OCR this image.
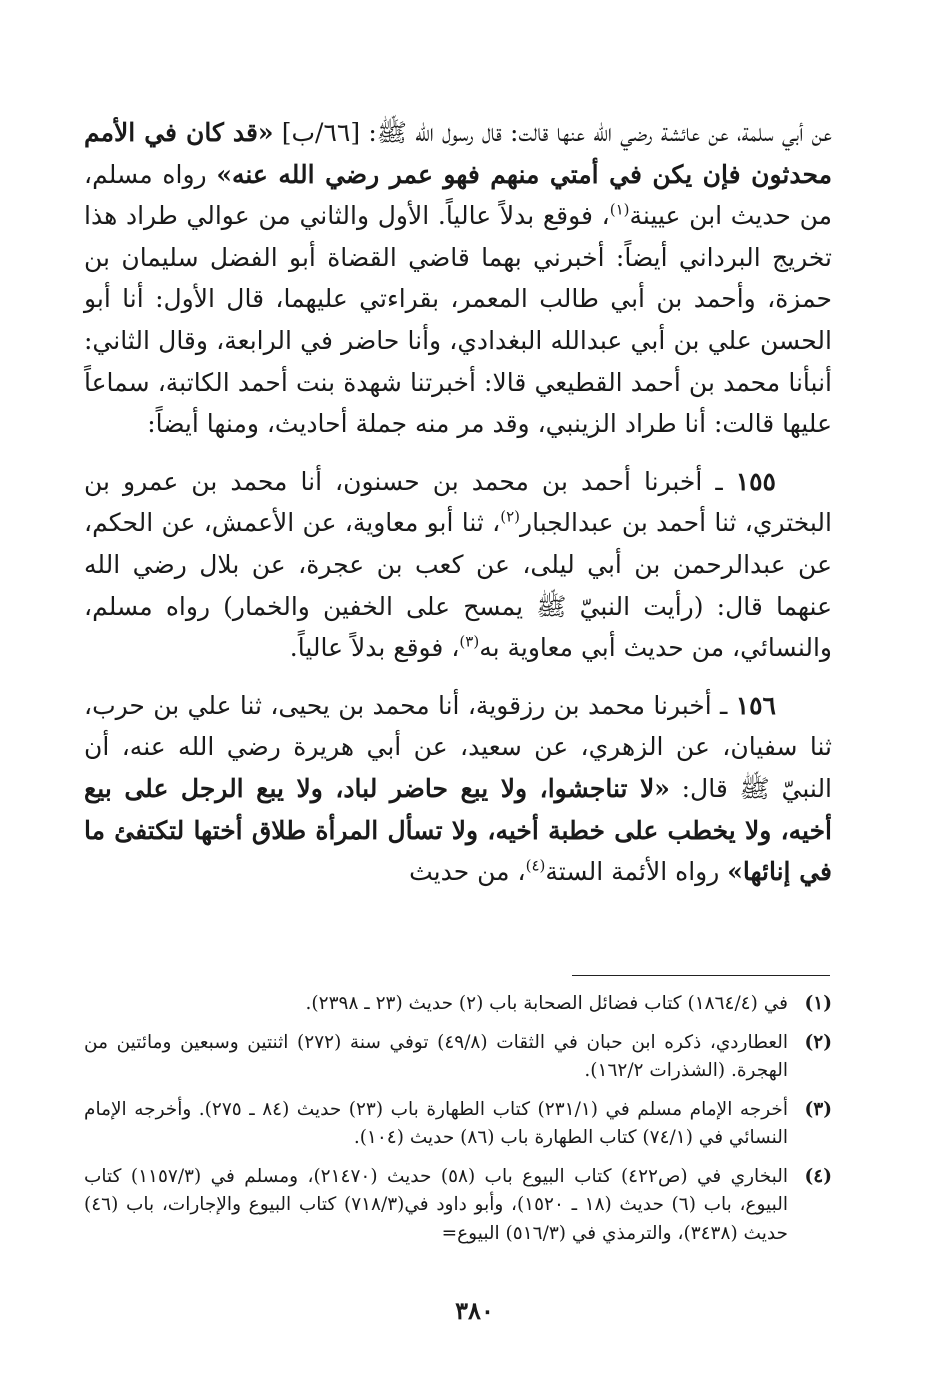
عن أبي سلمة، عن عائشة رضي الله عنها قالت: قال رسول الله ﷺ: [٦٦/ب] «قد كان في الأمم محدثون فإن يكن في أمتي منهم فهو عمر رضي الله عنه» رواه مسلم، من حديث ابن عيينة$^{(١)}$، فوقع بدلاً عالياً. الأول والثاني من عوالي طراد هذا تخريج البرداني أيضاً: أخبرني بهما قاضي القضاة أبو الفضل سليمان بن حمزة، وأحمد بن أبي طالب المعمر، بقراءتي عليهما، قال الأول: أنا أبو الحسن علي بن أبي عبدالله البغدادي، وأنا حاضر في الرابعة، وقال الثاني: أنبأنا محمد بن أحمد القطيعي قالا: أخبرتنا شهدة بنت أحمد الكاتبة، سماعاً عليها قالت: أنا طراد الزينبي، وقد مر منه جملة أحاديث، ومنها أيضاً:

١٥٥ ـ أخبرنا أحمد بن محمد بن حسنون، أنا محمد بن عمرو بن البختري، ثنا أحمد بن عبدالجبار$^{(٢)}$، ثنا أبو معاوية، عن الأعمش، عن الحكم، عن عبدالرحمن بن أبي ليلى، عن كعب بن عجرة، عن بلال رضي الله عنهما قال: (رأيت النبيّ ﷺ يمسح على الخفين والخمار) رواه مسلم، والنسائي، من حديث أبي معاوية به$^{(٣)}$، فوقع بدلاً عالياً.

١٥٦ ـ أخبرنا محمد بن رزقوية، أنا محمد بن يحيى، ثنا علي بن حرب، ثنا سفيان، عن الزهري، عن سعيد، عن أبي هريرة رضي الله عنه، أن النبيّ ﷺ قال: «لا تناجشوا، ولا يبع حاضر لباد، ولا يبع الرجل على بيع أخيه، ولا يخطب على خطبة أخيه، ولا تسأل المرأة طلاق أختها لتكتفئ ما في إنائها» رواه الأئمة الستة$^{(٤)}$، من حديث

(١)
في (١٨٦٤/٤) كتاب فضائل الصحابة باب (٢) حديث (٢٣ ـ ٢٣٩٨).
(٢)
العطاردي، ذكره ابن حبان في الثقات (٤٩/٨) توفي سنة (٢٧٢) اثنتين وسبعين ومائتين من الهجرة. (الشذرات ١٦٢/٢).
(٣)
أخرجه الإمام مسلم في (٢٣١/١) كتاب الطهارة باب (٢٣) حديث (٨٤ ـ ٢٧٥). وأخرجه الإمام النسائي في (٧٤/١) كتاب الطهارة باب (٨٦) حديث (١٠٤).
(٤)
البخاري في (ص٤٢٢) كتاب البيوع باب (٥٨) حديث (٢١٤٧٠)، ومسلم في (١١٥٧/٣) كتاب البيوع، باب (٦) حديث (١٨ ـ ١٥٢٠)، وأبو داود في(٧١٨/٣) كتاب البيوع والإجارات، باب (٤٦) حديث (٣٤٣٨)، والترمذي في (٥١٦/٣) البيوع=
٣٨٠
